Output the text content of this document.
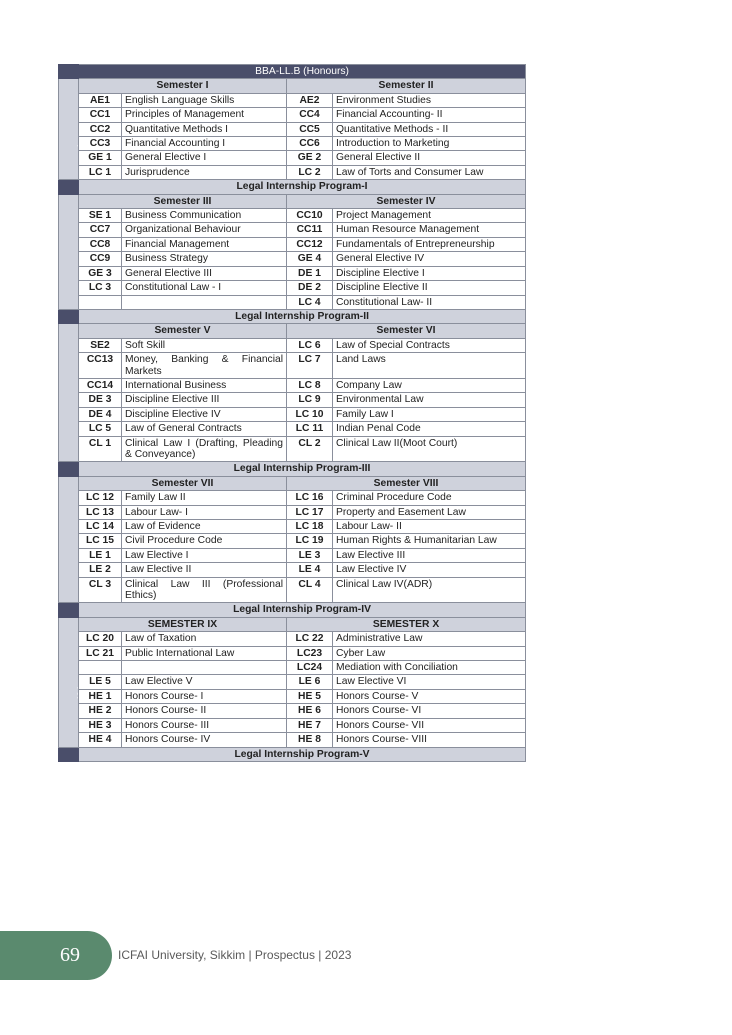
	BBA-LL.B (Honours)			
First Year	Semester I		Semester II	
	AE1	English Language Skills	AE2	Environment Studies
	CC1	Principles of Management	CC4	Financial Accounting- II
	CC2	Quantitative Methods I	CC5	Quantitative Methods - II
	CC3	Financial Accounting I	CC6	Introduction to Marketing
	GE 1	General Elective I	GE 2	General Elective II
	LC 1	Jurisprudence	LC 2	Law of Torts and Consumer Law
	Legal Internship Program-I			
	Semester III		Semester IV	
	SE 1	Business Communication	CC10	Project Management
	CC7	Organizational Behaviour	CC11	Human Resource Management
	CC8	Financial Management	CC12	Fundamentals of Entrepreneurship
	CC9	Business Strategy	GE 4	General Elective IV
	GE 3	General Elective III	DE 1	Discipline Elective I
	LC 3	Constitutional Law - I	DE 2	Discipline Elective II
			LC 4	Constitutional Law- II
	Legal Internship Program-II			
	Semester V		Semester VI	
	SE2	Soft Skill	LC 6	Law of Special Contracts
	CC13	Money, Banking & Financial Markets	LC 7	Land Laws
	CC14	International Business	LC 8	Company Law
	DE 3	Discipline Elective III	LC 9	Environmental Law
	DE 4	Discipline Elective IV	LC 10	Family Law I
	LC 5	Law of General Contracts	LC 11	Indian Penal Code
	CL 1	Clinical Law I (Drafting, Pleading & Conveyance)	CL 2	Clinical Law II(Moot Court)
	Legal Internship Program-III			
	Semester VII		Semester VIII	
	LC 12	Family Law II	LC 16	Criminal Procedure Code
	LC 13	Labour Law- I	LC 17	Property and Easement Law
	LC 14	Law of Evidence	LC 18	Labour Law- II
	LC 15	Civil Procedure Code	LC 19	Human Rights & Humanitarian Law
	LE 1	Law Elective I	LE 3	Law Elective III
	LE 2	Law Elective II	LE 4	Law Elective IV
	CL 3	Clinical Law III (Professional Ethics)	CL 4	Clinical Law IV(ADR)
	Legal Internship Program-IV			
Fifth Year	SEMESTER IX		SEMESTER X	
	LC 20	Law of Taxation	LC 22	Administrative Law
	LC 21	Public International Law	LC23	Cyber Law
			LC24	Mediation with Conciliation
	LE 5	Law Elective V	LE 6	Law Elective VI
	HE 1	Honors Course- I	HE 5	Honors Course- V
	HE 2	Honors Course- II	HE 6	Honors Course- VI
	HE 3	Honors Course- III	HE 7	Honors Course- VII
	HE 4	Honors Course- IV	HE 8	Honors Course- VIII
	Legal Internship Program-V			
69	ICFAI University, Sikkim | Prospectus | 2023
